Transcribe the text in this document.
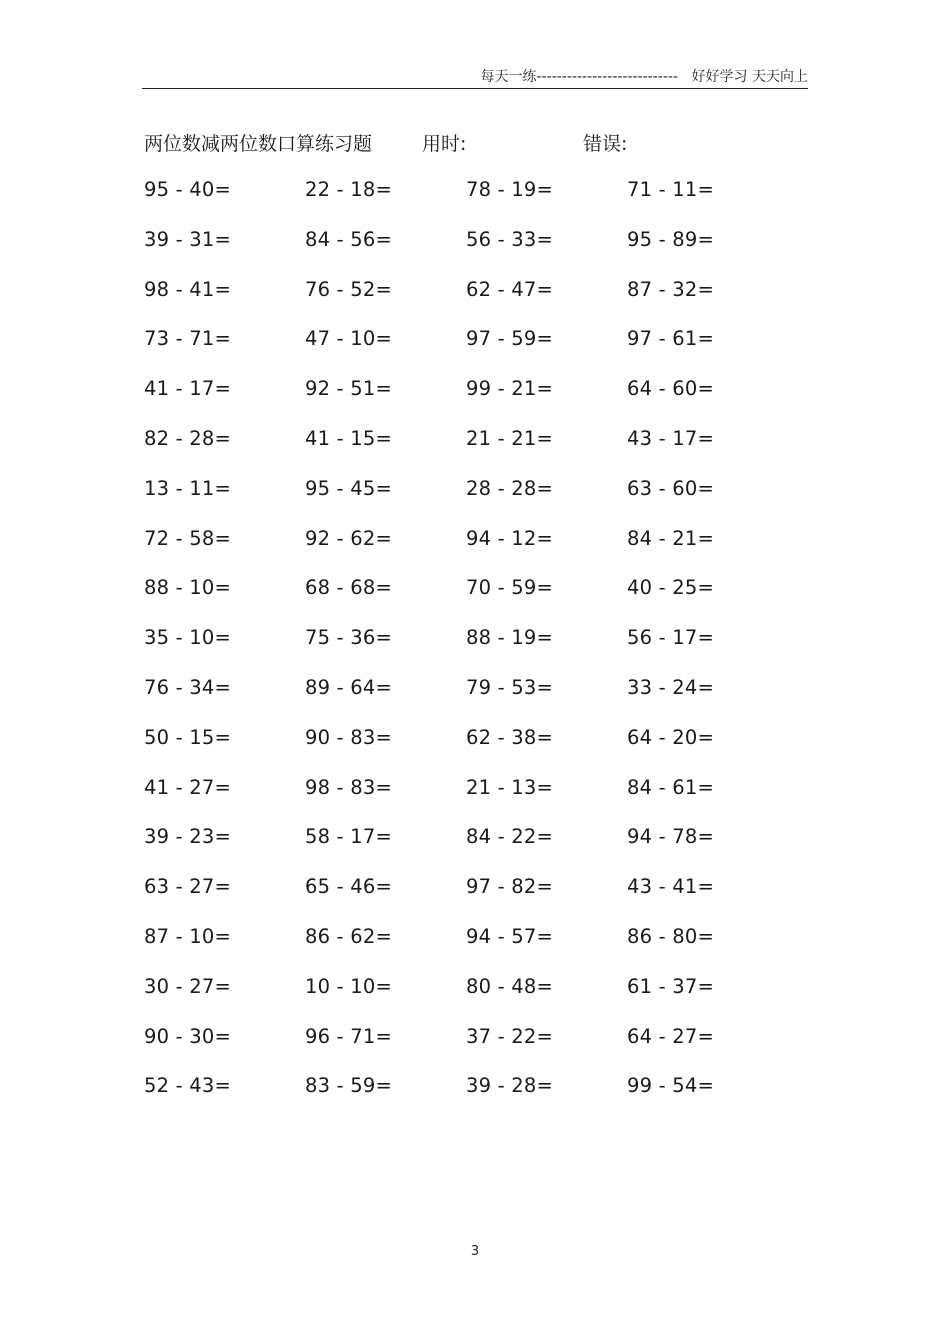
每天一练---------------------------- 好好学习 天天向上
两位数减两位数口算练习题	用时:	错误:
95 - 40=	22 - 18=	78 - 19=	71 - 11=
39 - 31=	84 - 56=	56 - 33=	95 - 89=
98 - 41=	76 - 52=	62 - 47=	87 - 32=
73 - 71=	47 - 10=	97 - 59=	97 - 61=
41 - 17=	92 - 51=	99 - 21=	64 - 60=
82 - 28=	41 - 15=	21 - 21=	43 - 17=
13 - 11=	95 - 45=	28 - 28=	63 - 60=
72 - 58=	92 - 62=	94 - 12=	84 - 21=
88 - 10=	68 - 68=	70 - 59=	40 - 25=
35 - 10=	75 - 36=	88 - 19=	56 - 17=
76 - 34=	89 - 64=	79 - 53=	33 - 24=
50 - 15=	90 - 83=	62 - 38=	64 - 20=
41 - 27=	98 - 83=	21 - 13=	84 - 61=
39 - 23=	58 - 17=	84 - 22=	94 - 78=
63 - 27=	65 - 46=	97 - 82=	43 - 41=
87 - 10=	86 - 62=	94 - 57=	86 - 80=
30 - 27=	10 - 10=	80 - 48=	61 - 37=
90 - 30=	96 - 71=	37 - 22=	64 - 27=
52 - 43=	83 - 59=	39 - 28=	99 - 54=
3
